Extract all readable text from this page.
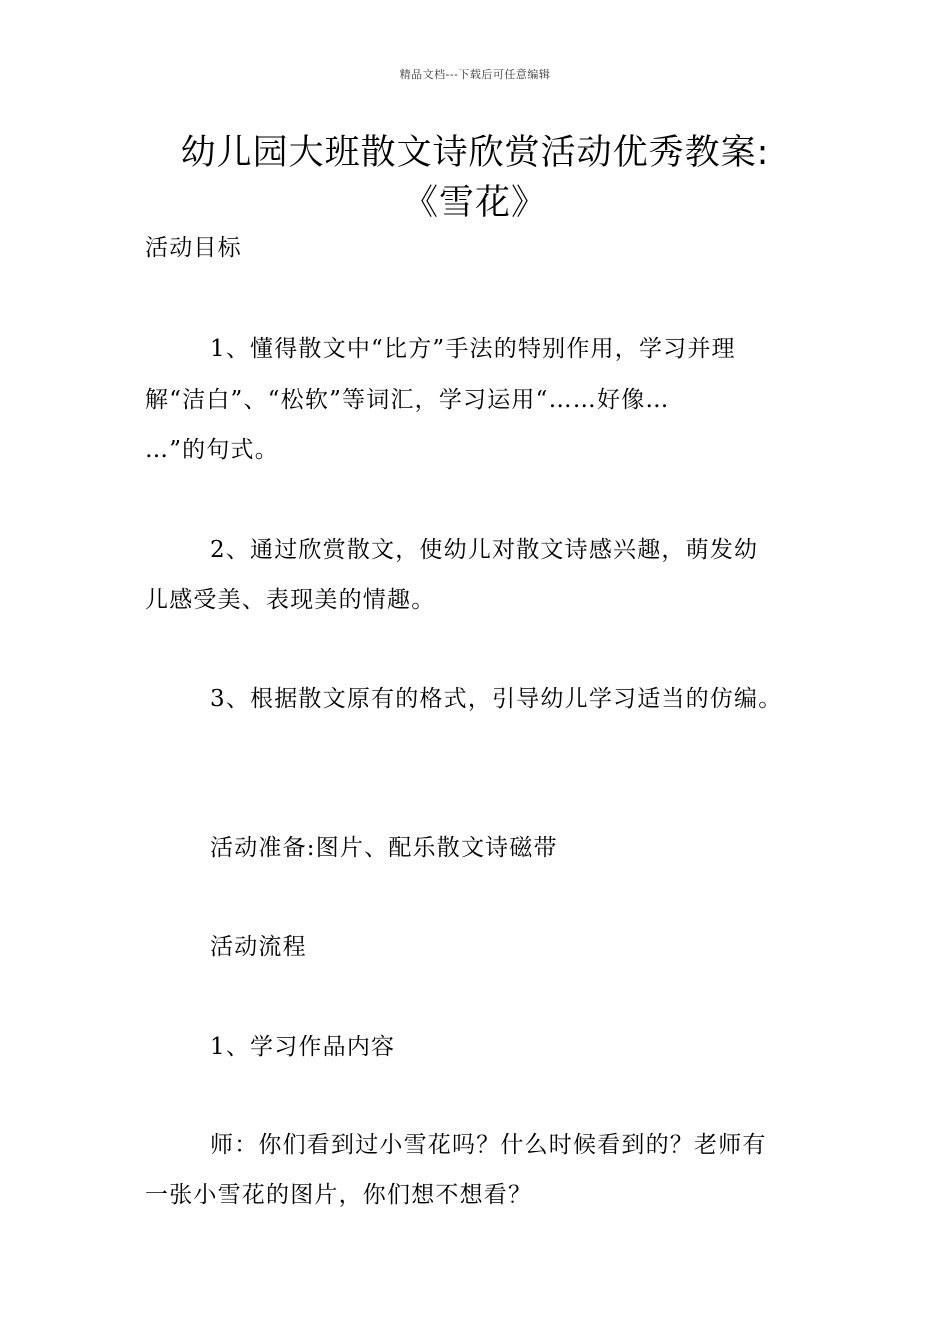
精品文档---下载后可任意编辑
幼儿园大班散文诗欣赏活动优秀教案:
《雪花》
活动目标
1、懂得散文中“比方”手法的特别作用，学习并理
解“洁白”、“松软”等词汇，学习运用“……好像…
…”的句式。
2、通过欣赏散文，使幼儿对散文诗感兴趣，萌发幼
儿感受美、表现美的情趣。
3、根据散文原有的格式，引导幼儿学习适当的仿编。
活动准备:图片、配乐散文诗磁带
活动流程
1、学习作品内容
师：你们看到过小雪花吗？什么时候看到的？老师有
一张小雪花的图片，你们想不想看？
